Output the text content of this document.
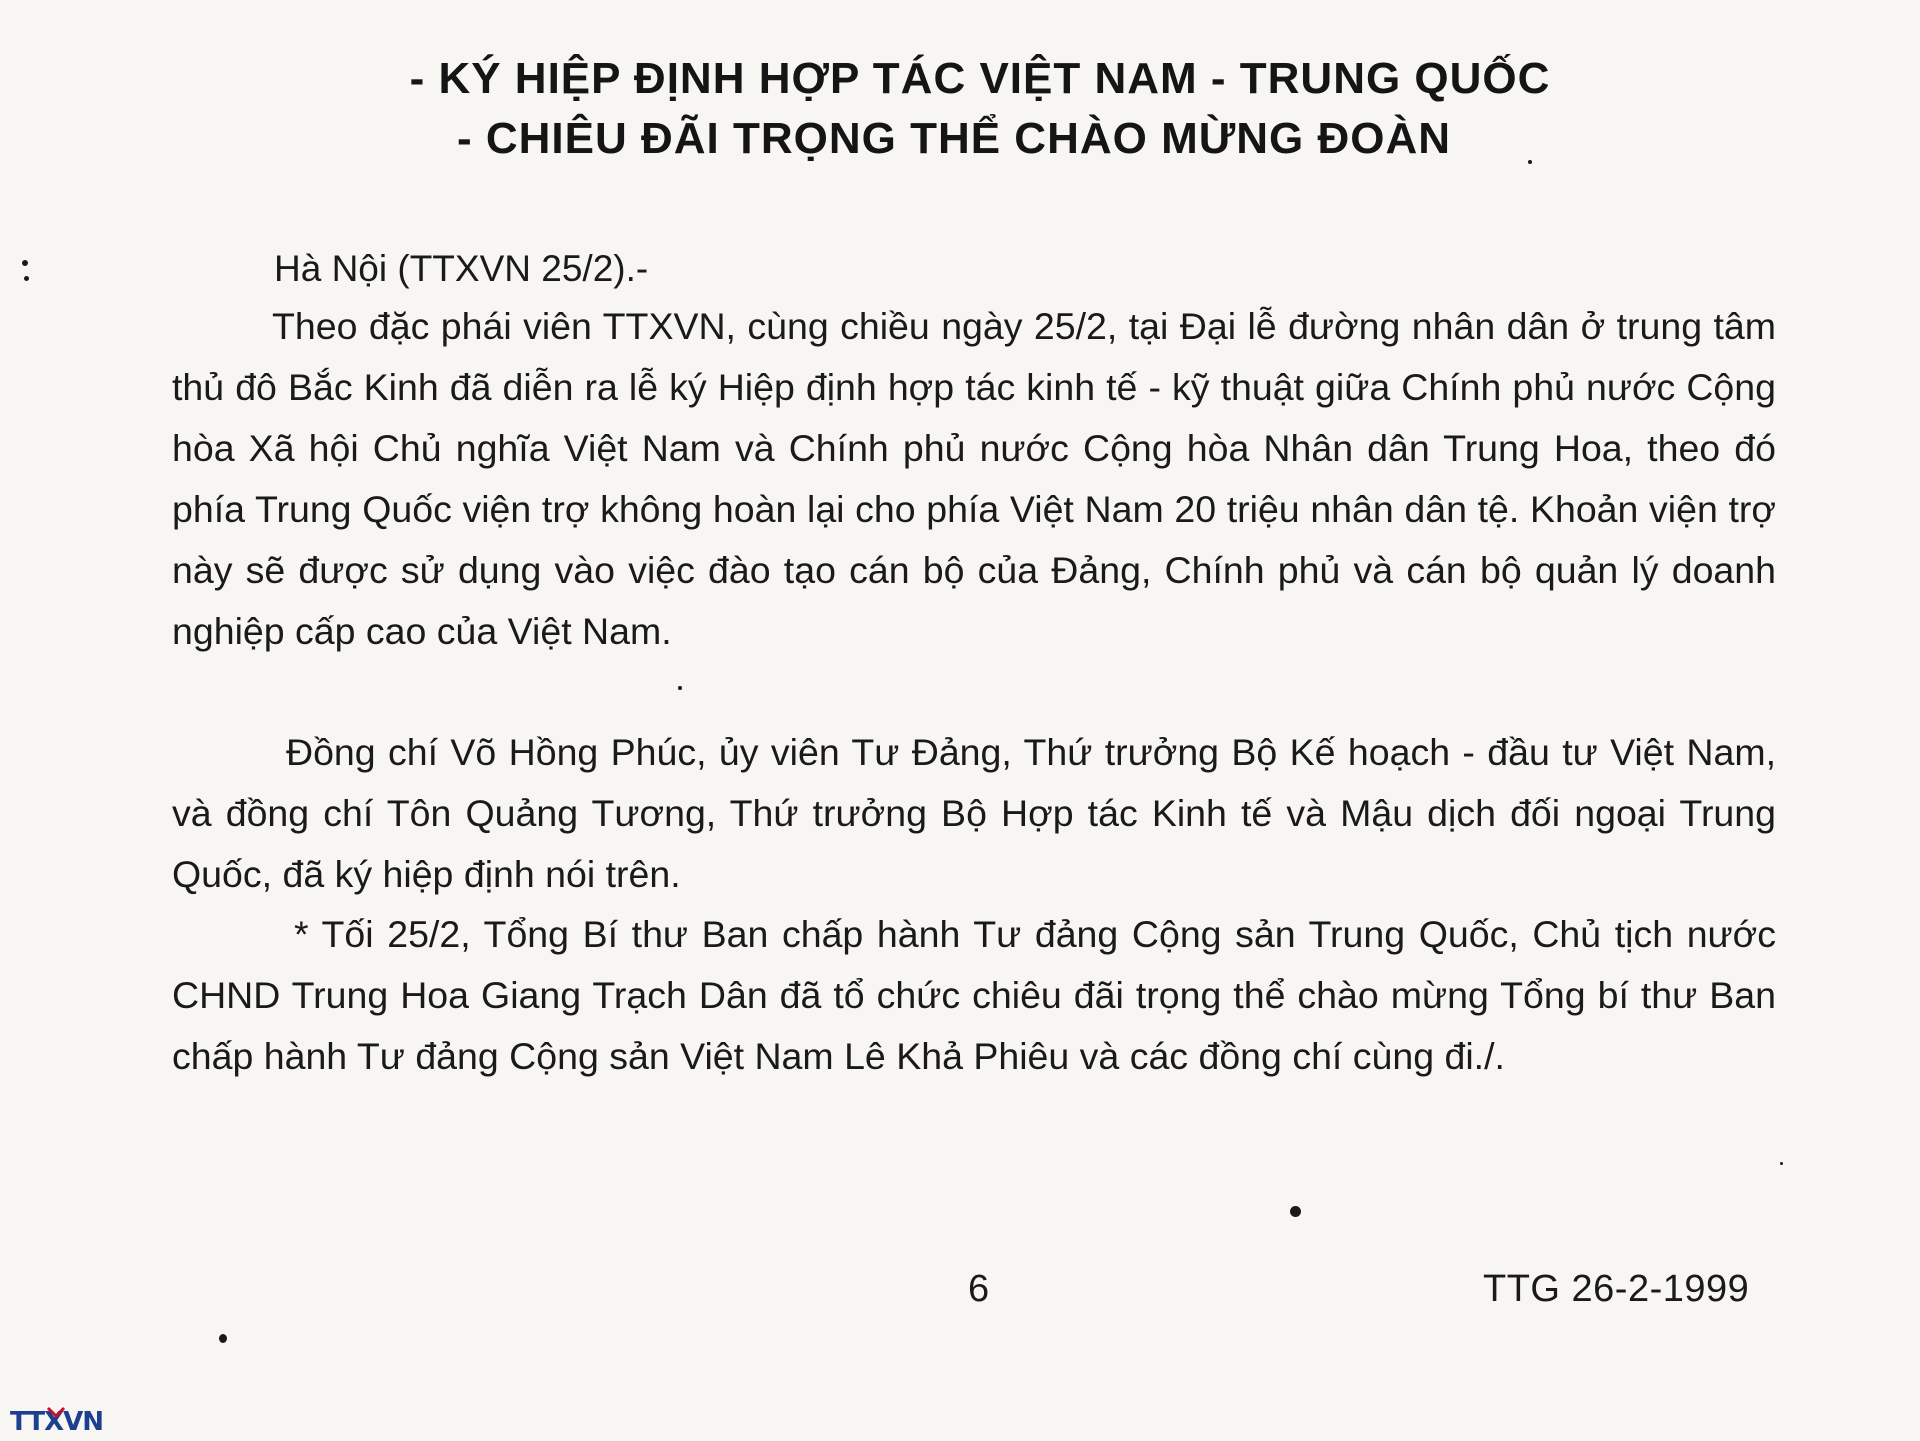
- KÝ HIỆP ĐỊNH HỢP TÁC VIỆT NAM - TRUNG QUỐC
- CHIÊU ĐÃI TRỌNG THỂ CHÀO MỪNG ĐOÀN
Hà Nội (TTXVN 25/2).-
Theo đặc phái viên TTXVN, cùng chiều ngày 25/2, tại Đại lễ đường nhân dân ở trung tâm thủ đô Bắc Kinh đã diễn ra lễ ký Hiệp định hợp tác kinh tế - kỹ thuật giữa Chính phủ nước Cộng hòa Xã hội Chủ nghĩa Việt Nam và Chính phủ nước Cộng hòa Nhân dân Trung Hoa, theo đó phía Trung Quốc viện trợ không hoàn lại cho phía Việt Nam 20 triệu nhân dân tệ. Khoản viện trợ này sẽ được sử dụng vào việc đào tạo cán bộ của Đảng, Chính phủ và cán bộ quản lý doanh nghiệp cấp cao của Việt Nam.
Đồng chí Võ Hồng Phúc, ủy viên Tư Đảng, Thứ trưởng Bộ Kế hoạch - đầu tư Việt Nam, và đồng chí Tôn Quảng Tương, Thứ trưởng Bộ Hợp tác Kinh tế và Mậu dịch đối ngoại Trung Quốc, đã ký hiệp định nói trên.
* Tối 25/2, Tổng Bí thư Ban chấp hành Tư đảng Cộng sản Trung Quốc, Chủ tịch nước CHND Trung Hoa Giang Trạch Dân đã tổ chức chiêu đãi trọng thể chào mừng Tổng bí thư Ban chấp hành Tư đảng Cộng sản Việt Nam Lê Khả Phiêu và các đồng chí cùng đi./.
6	TTG 26-2-1999
TTXVN
